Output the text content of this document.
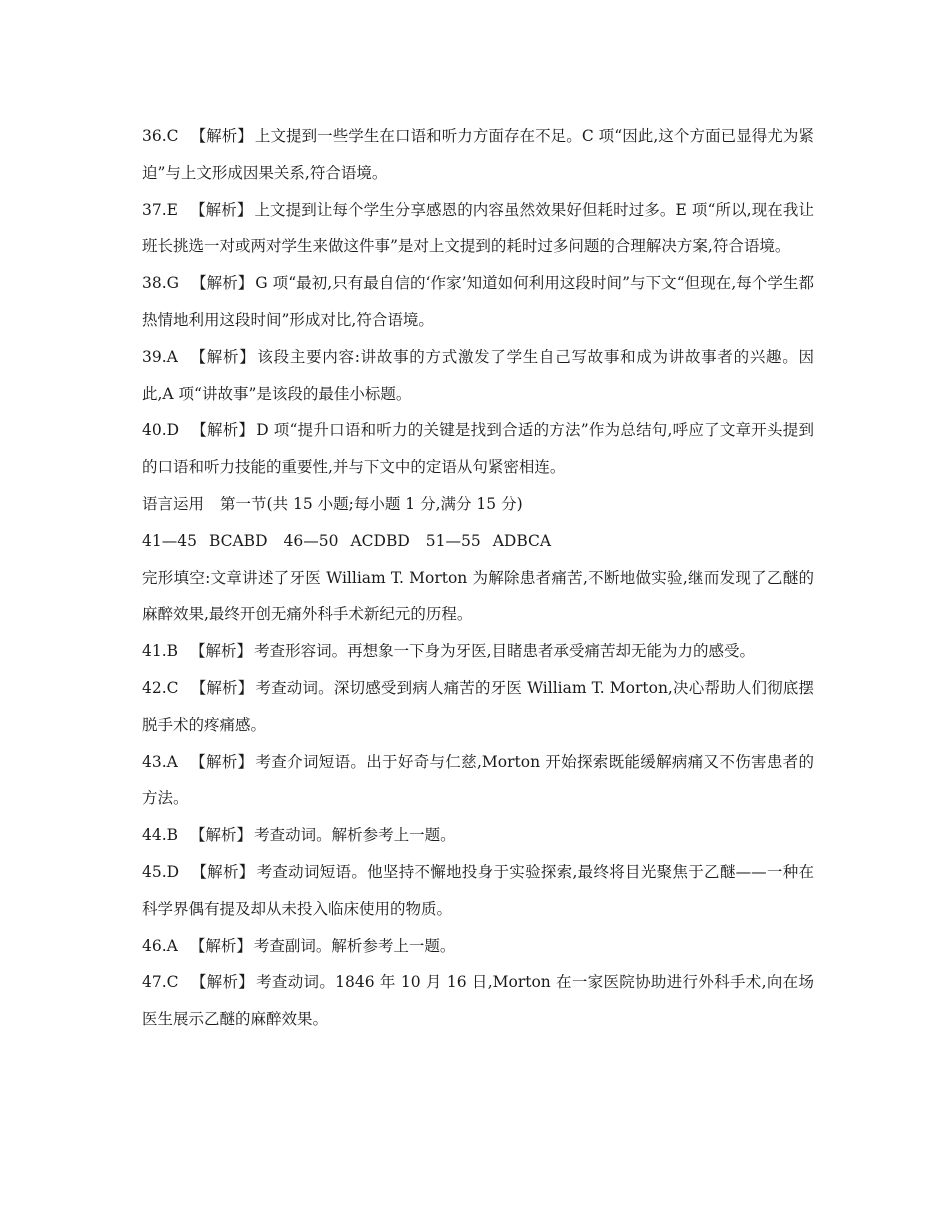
36.C 【解析】 上文提到一些学生在口语和听力方面存在不足。C 项“因此,这个方面已显得尤为紧迫”与上文形成因果关系,符合语境。

37.E 【解析】 上文提到让每个学生分享感恩的内容虽然效果好但耗时过多。E 项“所以,现在我让班长挑选一对或两对学生来做这件事”是对上文提到的耗时过多问题的合理解决方案,符合语境。

38.G 【解析】 G 项“最初,只有最自信的‘作家’知道如何利用这段时间”与下文“但现在,每个学生都热情地利用这段时间”形成对比,符合语境。

39.A 【解析】 该段主要内容:讲故事的方式激发了学生自己写故事和成为讲故事者的兴趣。因此,A 项“讲故事”是该段的最佳小标题。

40.D 【解析】 D 项“提升口语和听力的关键是找到合适的方法”作为总结句,呼应了文章开头提到的口语和听力技能的重要性,并与下文中的定语从句紧密相连。

语言运用 第一节(共 15 小题;每小题 1 分,满分 15 分)

41—45 BCABD 46—50 ACDBD 51—55 ADBCA

完形填空:文章讲述了牙医 William T. Morton 为解除患者痛苦,不断地做实验,继而发现了乙醚的麻醉效果,最终开创无痛外科手术新纪元的历程。

41.B 【解析】 考查形容词。再想象一下身为牙医,目睹患者承受痛苦却无能为力的感受。

42.C 【解析】 考查动词。深切感受到病人痛苦的牙医 William T. Morton,决心帮助人们彻底摆脱手术的疼痛感。

43.A 【解析】 考查介词短语。出于好奇与仁慈,Morton 开始探索既能缓解病痛又不伤害患者的方法。

44.B 【解析】 考查动词。解析参考上一题。

45.D 【解析】 考查动词短语。他坚持不懈地投身于实验探索,最终将目光聚焦于乙醚——一种在科学界偶有提及却从未投入临床使用的物质。

46.A 【解析】 考查副词。解析参考上一题。

47.C 【解析】 考查动词。1846 年 10 月 16 日,Morton 在一家医院协助进行外科手术,向在场医生展示乙醚的麻醉效果。
